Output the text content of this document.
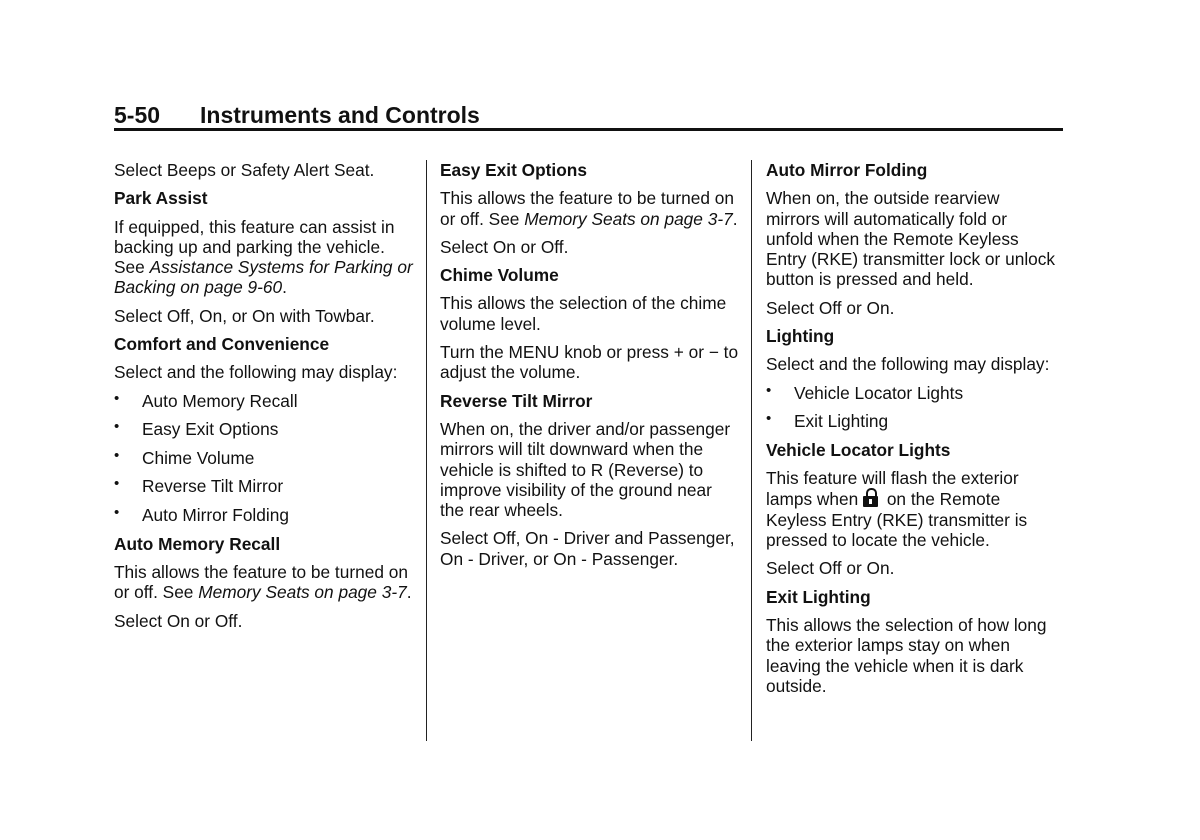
5-50 Instruments and Controls

Select Beeps or Safety Alert Seat.

Park Assist

If equipped, this feature can assist in backing up and parking the vehicle. See Assistance Systems for Parking or Backing on page 9-60.

Select Off, On, or On with Towbar.

Comfort and Convenience

Select and the following may display:

• Auto Memory Recall
• Easy Exit Options
• Chime Volume
• Reverse Tilt Mirror
• Auto Mirror Folding
Auto Memory Recall

This allows the feature to be turned on or off. See Memory Seats on page 3-7.

Select On or Off.

Easy Exit Options

This allows the feature to be turned on or off. See Memory Seats on page 3-7.

Select On or Off.

Chime Volume

This allows the selection of the chime volume level.

Turn the MENU knob or press + or − to adjust the volume.

Reverse Tilt Mirror

When on, the driver and/or passenger mirrors will tilt downward when the vehicle is shifted to R (Reverse) to improve visibility of the ground near the rear wheels.

Select Off, On - Driver and Passenger, On - Driver, or On - Passenger.

Auto Mirror Folding

When on, the outside rearview mirrors will automatically fold or unfold when the Remote Keyless Entry (RKE) transmitter lock or unlock button is pressed and held.

Select Off or On.

Lighting

Select and the following may display:

• Vehicle Locator Lights
• Exit Lighting
Vehicle Locator Lights

This feature will flash the exterior lamps when
on the Remote Keyless Entry (RKE) transmitter is pressed to locate the vehicle.

Select Off or On.

Exit Lighting

This allows the selection of how long the exterior lamps stay on when leaving the vehicle when it is dark outside.
